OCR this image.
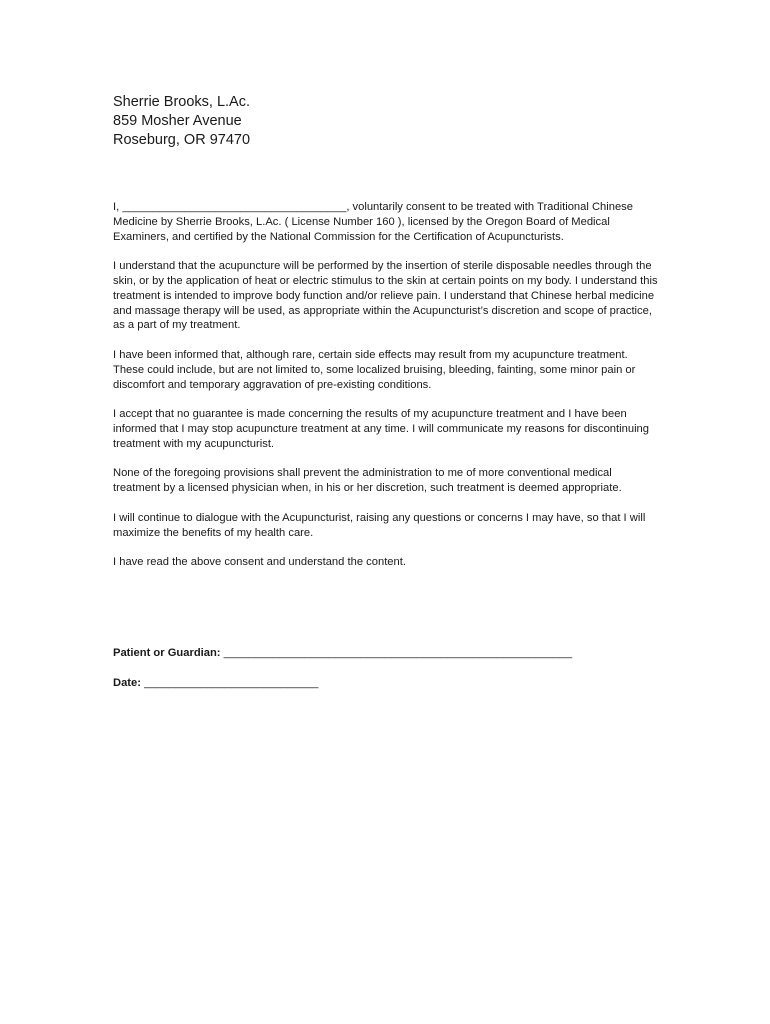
Sherrie Brooks, L.Ac.
859 Mosher Avenue
Roseburg, OR 97470

I, ____________________________________, voluntarily consent to be treated with Traditional Chinese Medicine by Sherrie Brooks, L.Ac. ( License Number 160 ), licensed by the Oregon Board of Medical Examiners, and certified by the National Commission for the Certification of Acupuncturists.

I understand that the acupuncture will be performed by the insertion of sterile disposable needles through the skin, or by the application of heat or electric stimulus to the skin at certain points on my body. I understand this treatment is intended to improve body function and/or relieve pain. I understand that Chinese herbal medicine and massage therapy will be used, as appropriate within the Acupuncturist’s discretion and scope of practice, as a part of my treatment.

I have been informed that, although rare, certain side effects may result from my acupuncture treatment. These could include, but are not limited to, some localized bruising, bleeding, fainting, some minor pain or discomfort and temporary aggravation of pre-existing conditions.

I accept that no guarantee is made concerning the results of my acupuncture treatment and I have been informed that I may stop acupuncture treatment at any time. I will communicate my reasons for discontinuing treatment with my acupuncturist.

None of the foregoing provisions shall prevent the administration to me of more conventional medical treatment by a licensed physician when, in his or her discretion, such treatment is deemed appropriate.

I will continue to dialogue with the Acupuncturist, raising any questions or concerns I may have, so that I will maximize the benefits of my health care.

I have read the above consent and understand the content.

Patient or Guardian: ________________________________________________________
Date: ____________________________
